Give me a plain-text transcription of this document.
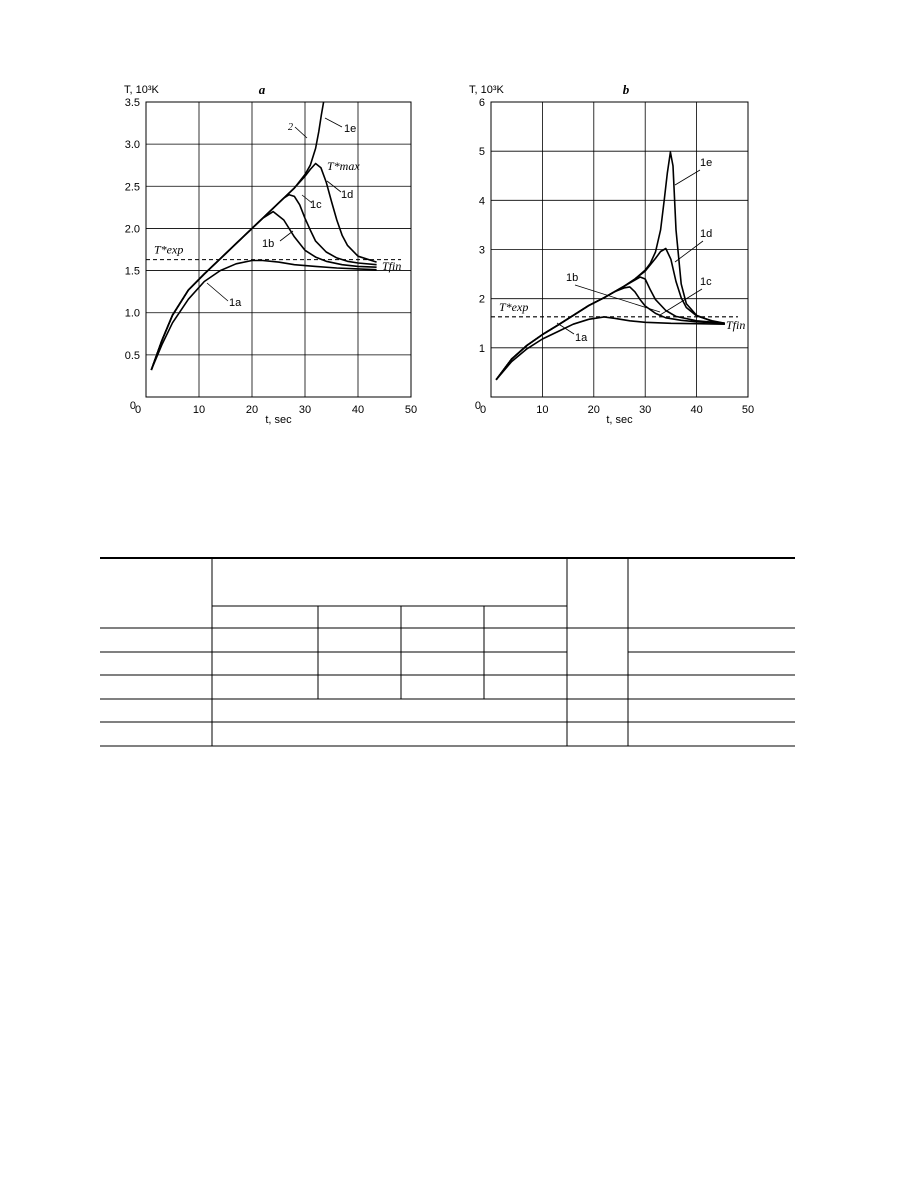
0	10	20	30	40	50
0.5
1.0
1.5
2.0
2.5
3.0
3.5
0
T, 10³K
t, sec
a
T*exp
1a
1b
1c
1d
1e
2
T*max
Tfin
0	10	20	30	40	50
1
2
3
4
5
6
0
T, 10³K
t, sec
b
T*exp
1a
1b	1c
1d
1e
Tfin
